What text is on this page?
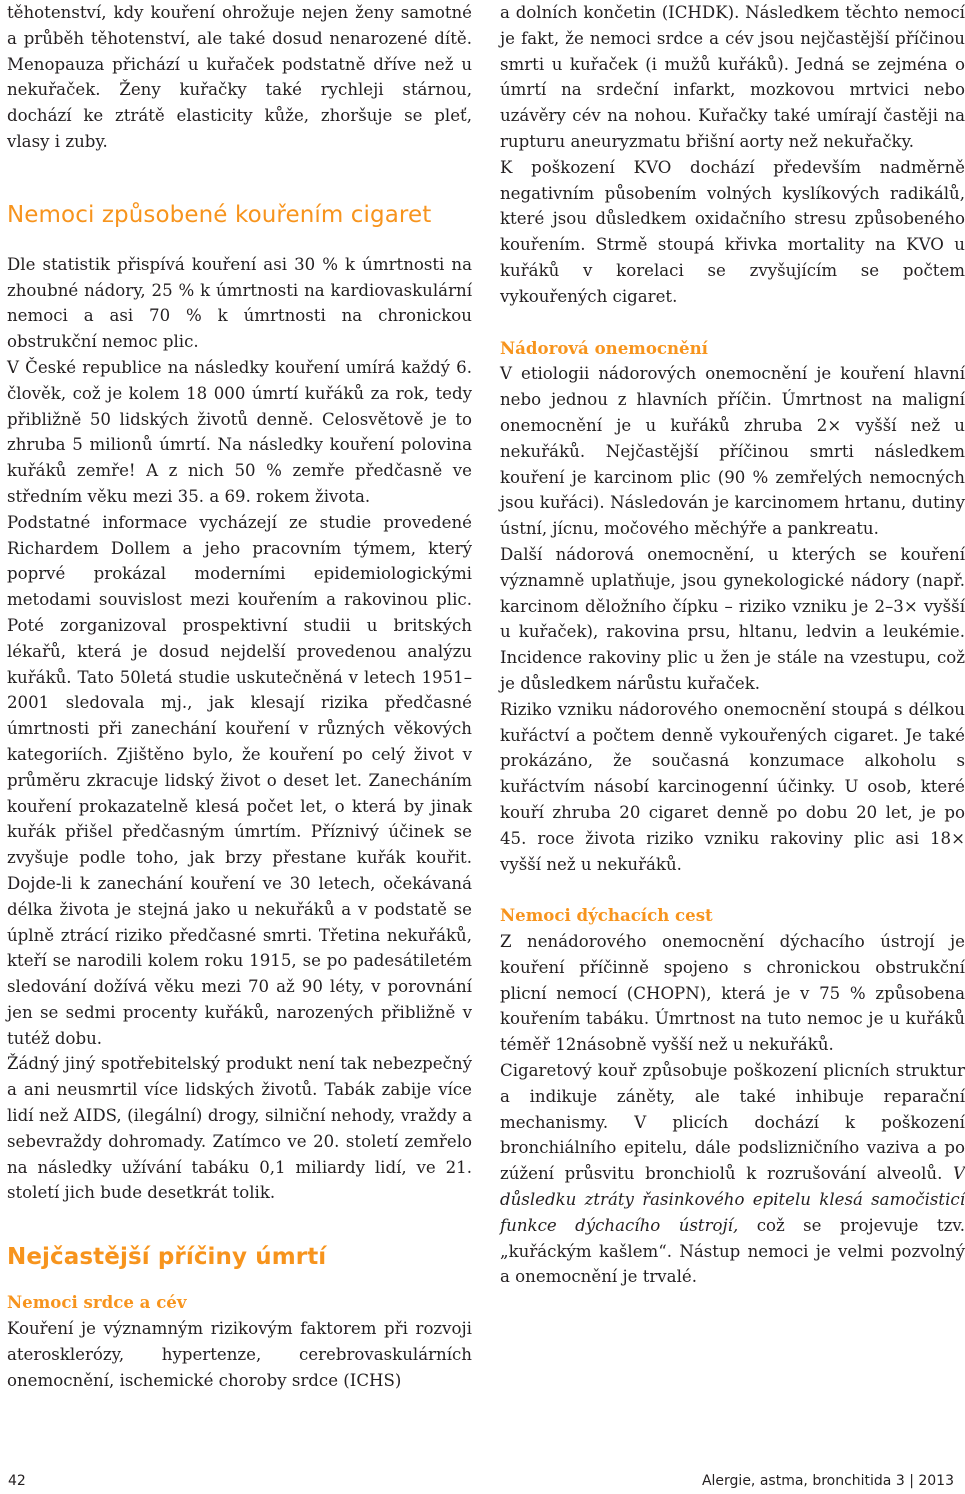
těhotenství, kdy kouření ohrožuje nejen ženy samotné a průběh těhotenství, ale také dosud nenarozené dítě. Menopauza přichází u kuřaček podstatně dříve než u nekuřaček. Ženy kuřačky také rychleji stárnou, dochází ke ztrátě elasticity kůže, zhoršuje se pleť, vlasy i zuby.

Nemoci způsobené kouřením cigaret

Dle statistik přispívá kouření asi 30 % k úmrtnosti na zhoubné nádory, 25 % k úmrtnosti na kardiovaskulární nemoci a asi 70 % k úmrtnosti na chronickou obstrukční nemoc plic.

V České republice na následky kouření umírá každý 6. člověk, což je kolem 18 000 úmrtí kuřáků za rok, tedy přibližně 50 lidských životů denně. Celosvětově je to zhruba 5 milionů úmrtí. Na následky kouření polovina kuřáků zemře! A z nich 50 % zemře předčasně ve středním věku mezi 35. a 69. rokem života.

Podstatné informace vycházejí ze studie provedené Richardem Dollem a jeho pracovním týmem, který poprvé prokázal moderními epidemiologickými metodami souvislost mezi kouřením a rakovinou plic. Poté zorganizoval prospektivní studii u britských lékařů, která je dosud nejdelší provedenou analýzu kuřáků. Tato 50letá studie uskutečněná v letech 1951–2001 sledovala mj., jak klesají rizika předčasné úmrtnosti při zanechání kouření v různých věkových kategoriích. Zjištěno bylo, že kouření po celý život v průměru zkracuje lidský život o deset let. Zanecháním kouření prokazatelně klesá počet let, o která by jinak kuřák přišel předčasným úmrtím. Příznivý účinek se zvyšuje podle toho, jak brzy přestane kuřák kouřit. Dojde-li k zanechání kouření ve 30 letech, očekávaná délka života je stejná jako u nekuřáků a v podstatě se úplně ztrácí riziko předčasné smrti. Třetina nekuřáků, kteří se narodili kolem roku 1915, se po padesátiletém sledování dožívá věku mezi 70 až 90 léty, v porovnání jen se sedmi procenty kuřáků, narozených přibližně v tutéž dobu.

Žádný jiný spotřebitelský produkt není tak nebezpečný a ani neusmrtil více lidských životů. Tabák zabije více lidí než AIDS, (ilegální) drogy, silniční nehody, vraždy a sebevraždy dohromady. Zatímco ve 20. století zemřelo na následky užívání tabáku 0,1 miliardy lidí, ve 21. století jich bude desetkrát tolik.

Nejčastější příčiny úmrtí

Nemoci srdce a cév

Kouření je významným rizikovým faktorem při rozvoji aterosklerózy, hypertenze, cerebrovaskulárních onemocnění, ischemické choroby srdce (ICHS)

a dolních končetin (ICHDK). Následkem těchto nemocí je fakt, že nemoci srdce a cév jsou nejčastější příčinou smrti u kuřaček (i mužů kuřáků). Jedná se zejména o úmrtí na srdeční infarkt, mozkovou mrtvici nebo uzávěry cév na nohou. Kuřačky také umírají častěji na rupturu aneuryzmatu břišní aorty než nekuřačky.

K poškození KVO dochází především nadměrně negativním působením volných kyslíkových radikálů, které jsou důsledkem oxidačního stresu způsobeného kouřením. Strmě stoupá křivka mortality na KVO u kuřáků v korelaci se zvyšujícím se počtem vykouřených cigaret.

Nádorová onemocnění

V etiologii nádorových onemocnění je kouření hlavní nebo jednou z hlavních příčin. Úmrtnost na maligní onemocnění je u kuřáků zhruba 2× vyšší než u nekuřáků. Nejčastější příčinou smrti následkem kouření je karcinom plic (90 % zemřelých nemocných jsou kuřáci). Následován je karcinomem hrtanu, dutiny ústní, jícnu, močového měchýře a pankreatu.

Další nádorová onemocnění, u kterých se kouření významně uplatňuje, jsou gynekologické nádory (např. karcinom děložního čípku – riziko vzniku je 2–3× vyšší u kuřaček), rakovina prsu, hltanu, ledvin a leukémie. Incidence rakoviny plic u žen je stále na vzestupu, což je důsledkem nárůstu kuřaček.

Riziko vzniku nádorového onemocnění stoupá s délkou kuřáctví a počtem denně vykouřených cigaret. Je také prokázáno, že současná konzumace alkoholu s kuřáctvím násobí karcinogenní účinky. U osob, které kouří zhruba 20 cigaret denně po dobu 20 let, je po 45. roce života riziko vzniku rakoviny plic asi 18× vyšší než u nekuřáků.

Nemoci dýchacích cest

Z nenádorového onemocnění dýchacího ústrojí je kouření příčinně spojeno s chronickou obstrukční plicní nemocí (CHOPN), která je v 75 % způsobena kouřením tabáku. Úmrtnost na tuto nemoc je u kuřáků téměř 12násobně vyšší než u nekuřáků.

Cigaretový kouř způsobuje poškození plicních struktur a indikuje záněty, ale také inhibuje reparační mechanismy. V plicích dochází k poškození bronchiálního epitelu, dále podslizničního vaziva a po zúžení průsvitu bronchiolů k rozrušování alveolů. V důsledku ztráty řasinkového epitelu klesá samočisticí funkce dýchacího ústrojí, což se projevuje tzv. „kuřáckým kašlem“. Nástup nemoci je velmi pozvolný a onemocnění je trvalé.

42	Alergie, astma, bronchitida 3 | 2013
